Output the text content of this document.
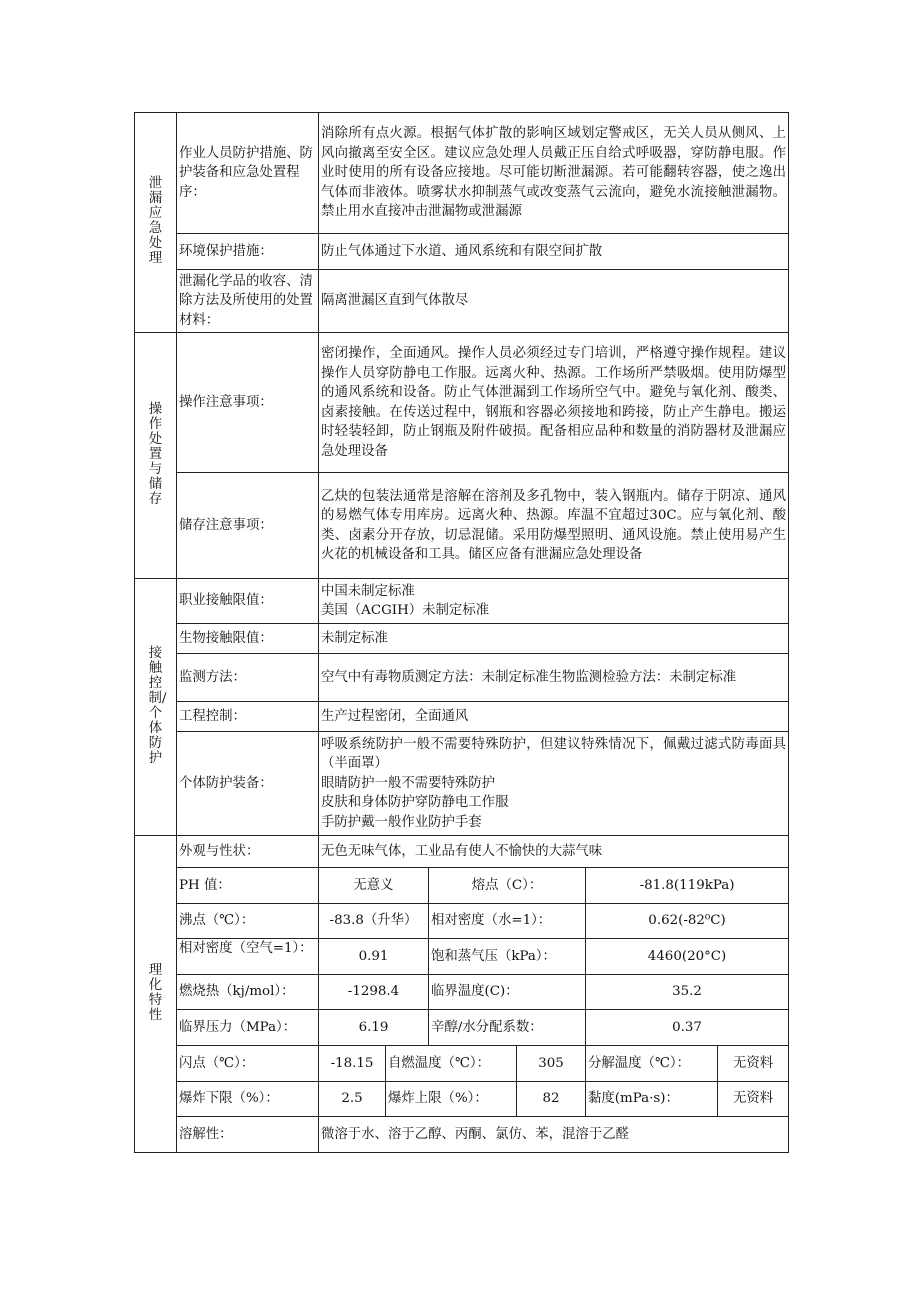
泄漏应急处理	作业人员防护措施、防护装备和应急处置程序：	消除所有点火源。根据气体扩散的影响区域划定警戒区，无关人员从侧风、上风向撤离至安全区。建议应急处理人员戴正压自给式呼吸器，穿防静电服。作业时使用的所有设备应接地。尽可能切断泄漏源。若可能翻转容器，使之逸出气体而非液体。喷雾状水抑制蒸气或改变蒸气云流向，避免水流接触泄漏物。禁止用水直接冲击泄漏物或泄漏源					
	环境保护措施：	防止气体通过下水道、通风系统和有限空间扩散					
	泄漏化学品的收容、清除方法及所使用的处置材料：	隔离泄漏区直到气体散尽					
操作处置与储存	操作注意事项：	密闭操作，全面通风。操作人员必须经过专门培训，严格遵守操作规程。建议操作人员穿防静电工作服。远离火种、热源。工作场所严禁吸烟。使用防爆型的通风系统和设备。防止气体泄漏到工作场所空气中。避免与氧化剂、酸类、卤素接触。在传送过程中，钢瓶和容器必须接地和跨接，防止产生静电。搬运时轻装轻卸，防止钢瓶及附件破损。配备相应品种和数量的消防器材及泄漏应急处理设备					
	储存注意事项：	乙炔的包装法通常是溶解在溶剂及多孔物中，装入钢瓶内。储存于阴凉、通风的易燃气体专用库房。远离火种、热源。库温不宜超过30C。应与氧化剂、酸类、卤素分开存放，切忌混储。采用防爆型照明、通风设施。禁止使用易产生火花的机械设备和工具。储区应备有泄漏应急处理设备					
接触控制/个体防护	职业接触限值：	中国未制定标准
美国（ACGIH）未制定标准					
	生物接触限值：	未制定标准					
	监测方法：	空气中有毒物质测定方法：未制定标准生物监测检验方法：未制定标准					
	工程控制：	生产过程密闭，全面通风					
	个体防护装备：	呼吸系统防护一般不需要特殊防护，但建议特殊情况下，佩戴过滤式防毒面具（半面罩）
眼睛防护一般不需要特殊防护
皮肤和身体防护穿防静电工作服
手防护戴一般作业防护手套					
理化特性	外观与性状：	无色无味气体，工业品有使人不愉快的大蒜气味					
	PH 值：	无意义		熔点（C）：		-81.8(119kPa)	
	沸点（℃）：	-83.8（升华）		相对密度（水=1）：		0.62(-82⁰C)	
	相对密度（空气=1）：	0.91		饱和蒸气压（kPa）：		4460(20°C)	
	燃烧热（kj/mol）：	-1298.4		临界温度(C)：		35.2	
	临界压力（MPa）：	6.19		辛醇/水分配系数：		0.37	
	闪点（℃）：	-18.15	自燃温度（℃）：		305	分解温度（℃）：	无资料
	爆炸下限（%）：	2.5	爆炸上限（%）：		82	黏度(mPa·s)：	无资料
	溶解性：	微溶于水、溶于乙醇、丙酮、氯仿、苯，混溶于乙醛					
